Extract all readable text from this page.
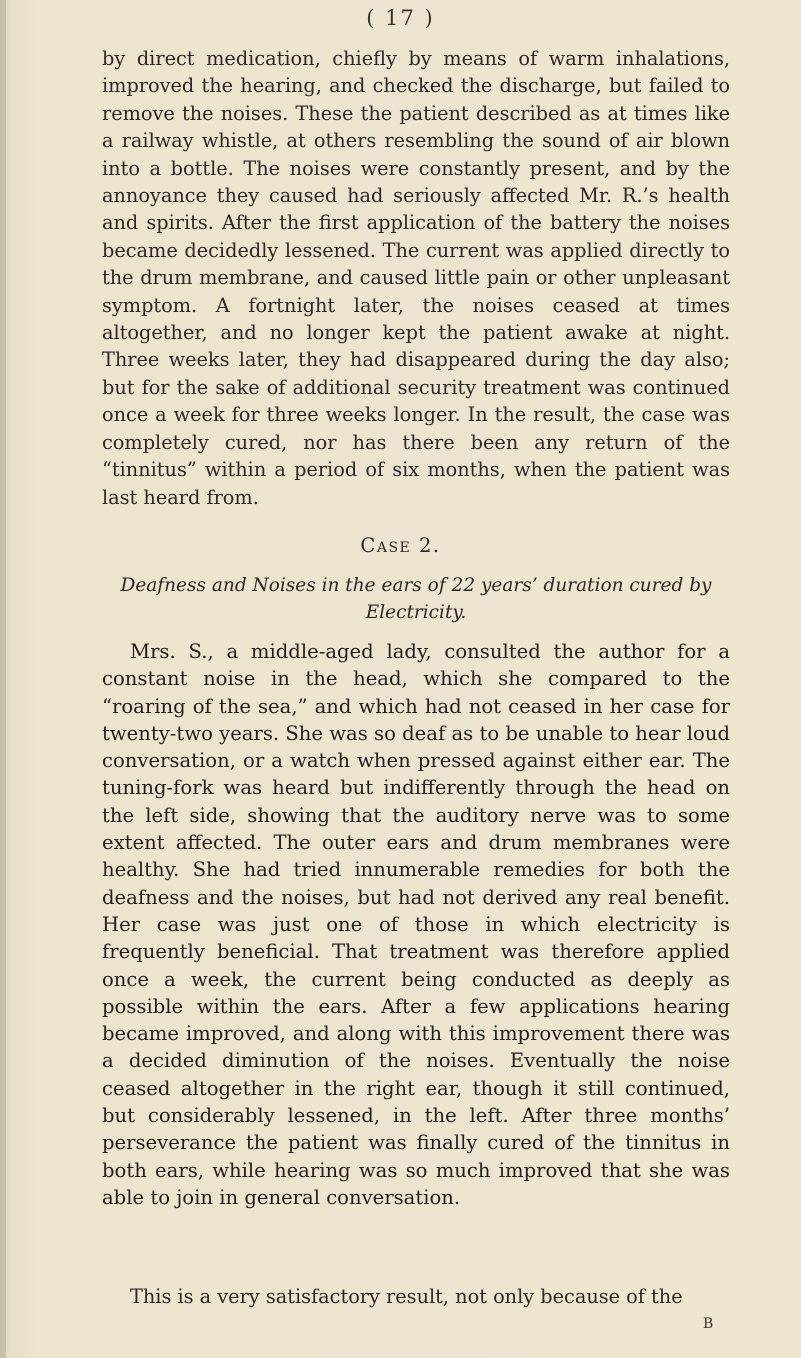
( 17 )

by direct medication, chiefly by means of warm inhalations, improved the hearing, and checked the discharge, but failed to remove the noises. These the patient described as at times like a railway whistle, at others resembling the sound of air blown into a bottle. The noises were constantly present, and by the annoyance they caused had seriously affected Mr. R.’s health and spirits. After the first application of the battery the noises became decidedly lessened. The current was applied directly to the drum membrane, and caused little pain or other unpleasant symptom. A fortnight later, the noises ceased at times altogether, and no longer kept the patient awake at night. Three weeks later, they had disappeared during the day also; but for the sake of additional security treatment was continued once a week for three weeks longer. In the result, the case was completely cured, nor has there been any return of the “tinnitus” within a period of six months, when the patient was last heard from.

Case 2.
Deafness and Noises in the ears of 22 years’ duration cured by Electricity.

Mrs. S., a middle-aged lady, consulted the author for a constant noise in the head, which she compared to the “roaring of the sea,” and which had not ceased in her case for twenty-two years. She was so deaf as to be unable to hear loud conversation, or a watch when pressed against either ear. The tuning-fork was heard but indifferently through the head on the left side, showing that the auditory nerve was to some extent affected. The outer ears and drum membranes were healthy. She had tried innumerable remedies for both the deafness and the noises, but had not derived any real benefit. Her case was just one of those in which electricity is frequently beneficial. That treatment was therefore applied once a week, the current being conducted as deeply as possible within the ears. After a few applications hearing became improved, and along with this improvement there was a decided diminution of the noises. Eventually the noise ceased altogether in the right ear, though it still continued, but considerably lessened, in the left. After three months’ perseverance the patient was finally cured of the tinnitus in both ears, while hearing was so much improved that she was able to join in general conversation.

This is a very satisfactory result, not only because of the

B
